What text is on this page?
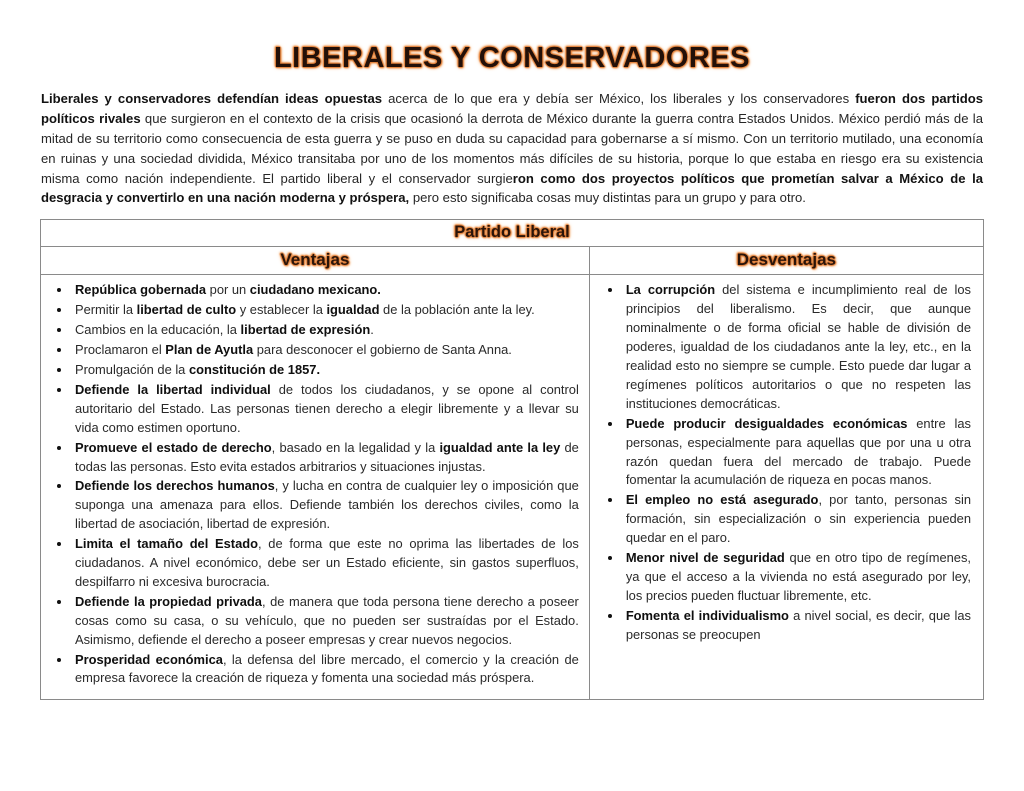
LIBERALES Y CONSERVADORES

Liberales y conservadores defendían ideas opuestas acerca de lo que era y debía ser México, los liberales y los conservadores fueron dos partidos políticos rivales que surgieron en el contexto de la crisis que ocasionó la derrota de México durante la guerra contra Estados Unidos. México perdió más de la mitad de su territorio como consecuencia de esta guerra y se puso en duda su capacidad para gobernarse a sí mismo. Con un territorio mutilado, una economía en ruinas y una sociedad dividida, México transitaba por uno de los momentos más difíciles de su historia, porque lo que estaba en riesgo era su existencia misma como nación independiente. El partido liberal y el conservador surgieron como dos proyectos políticos que prometían salvar a México de la desgracia y convertirlo en una nación moderna y próspera, pero esto significaba cosas muy distintas para un grupo y para otro.

Partido Liberal	

Ventajas	Desventajas

República gobernada por un ciudadano mexicano.
Permitir la libertad de culto y establecer la igualdad de la población ante la ley.
Cambios en la educación, la libertad de expresión.
Proclamaron el Plan de Ayutla para desconocer el gobierno de Santa Anna.
Promulgación de la constitución de 1857.
Defiende la libertad individual de todos los ciudadanos, y se opone al control autoritario del Estado. Las personas tienen derecho a elegir libremente y a llevar su vida como estimen oportuno.
Promueve el estado de derecho, basado en la legalidad y la igualdad ante la ley de todas las personas. Esto evita estados arbitrarios y situaciones injustas.
Defiende los derechos humanos, y lucha en contra de cualquier ley o imposición que suponga una amenaza para ellos. Defiende también los derechos civiles, como la libertad de asociación, libertad de expresión.
Limita el tamaño del Estado, de forma que este no oprima las libertades de los ciudadanos. A nivel económico, debe ser un Estado eficiente, sin gastos superfluos, despilfarro ni excesiva burocracia.
Defiende la propiedad privada, de manera que toda persona tiene derecho a poseer cosas como su casa, o su vehículo, que no pueden ser sustraídas por el Estado. Asimismo, defiende el derecho a poseer empresas y crear nuevos negocios.
Prosperidad económica, la defensa del libre mercado, el comercio y la creación de empresa favorece la creación de riqueza y fomenta una sociedad más próspera.

La corrupción del sistema e incumplimiento real de los principios del liberalismo. Es decir, que aunque nominalmente o de forma oficial se hable de división de poderes, igualdad de los ciudadanos ante la ley, etc., en la realidad esto no siempre se cumple. Esto puede dar lugar a regímenes políticos autoritarios o que no respeten las instituciones democráticas.
Puede producir desigualdades económicas entre las personas, especialmente para aquellas que por una u otra razón quedan fuera del mercado de trabajo. Puede fomentar la acumulación de riqueza en pocas manos.
El empleo no está asegurado, por tanto, personas sin formación, sin especialización o sin experiencia pueden quedar en el paro.
Menor nivel de seguridad que en otro tipo de regímenes, ya que el acceso a la vivienda no está asegurado por ley, los precios pueden fluctuar libremente, etc.
Fomenta el individualismo a nivel social, es decir, que las personas se preocupen
